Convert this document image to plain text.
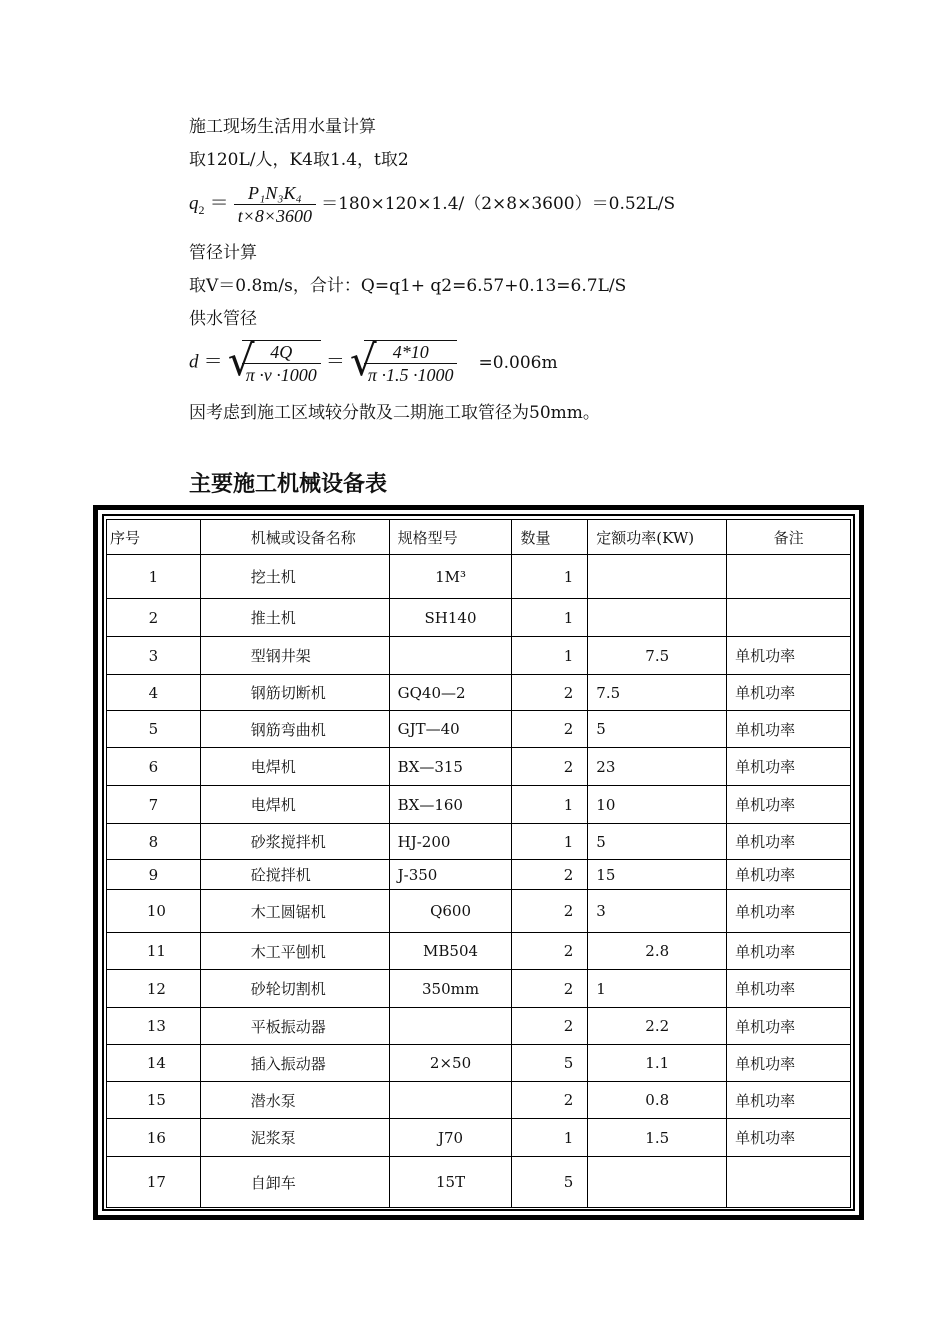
施工现场生活用水量计算
取120L/人，K4取1.4，t取2
$q_2 = \frac{\text{P₁N₃K₄}}{t\times 8\times 3600} =180\times 120\times 1.4/(2\times 8\times 3600)=0.52L/S$
管径计算
取V＝0.8m/s，合计：Q=q1+ q2=6.57+0.13=6.7L/S
供水管径
d ＝ √
$\frac{4Q}{\pi \cdot v \cdot 1000}$ ＝ √
$\frac{4*10}{\pi \cdot 1.5 \cdot 1000} =0.006m$
因考虑到施工区域较分散及二期施工取管径为50mm。
主要施工机械设备表
序号	机械或设备名称	规格型号	数量	定额功率(KW)	备注
1	挖土机	1M³	1		
2	推土机	SH140	1		
3	型钢井架		1	7.5	单机功率
4	钢筋切断机	GQ40—2	2	7.5	单机功率
5	钢筋弯曲机	GJT—40	2	5	单机功率
6	电焊机	BX—315	2	23	单机功率
7	电焊机	BX—160	1	10	单机功率
8	砂浆搅拌机	HJ-200	1	5	单机功率
9	砼搅拌机	J-350	2	15	单机功率
10	木工圆锯机	Q600	2	3	单机功率
11	木工平刨机	MB504	2	2.8	单机功率
12	砂轮切割机	350mm	2	1	单机功率
13	平板振动器		2	2.2	单机功率
14	插入振动器	2×50	5	1.1	单机功率
15	潜水泵		2	0.8	单机功率
16	泥浆泵	J70	1	1.5	单机功率
17	自卸车	15T	5		
